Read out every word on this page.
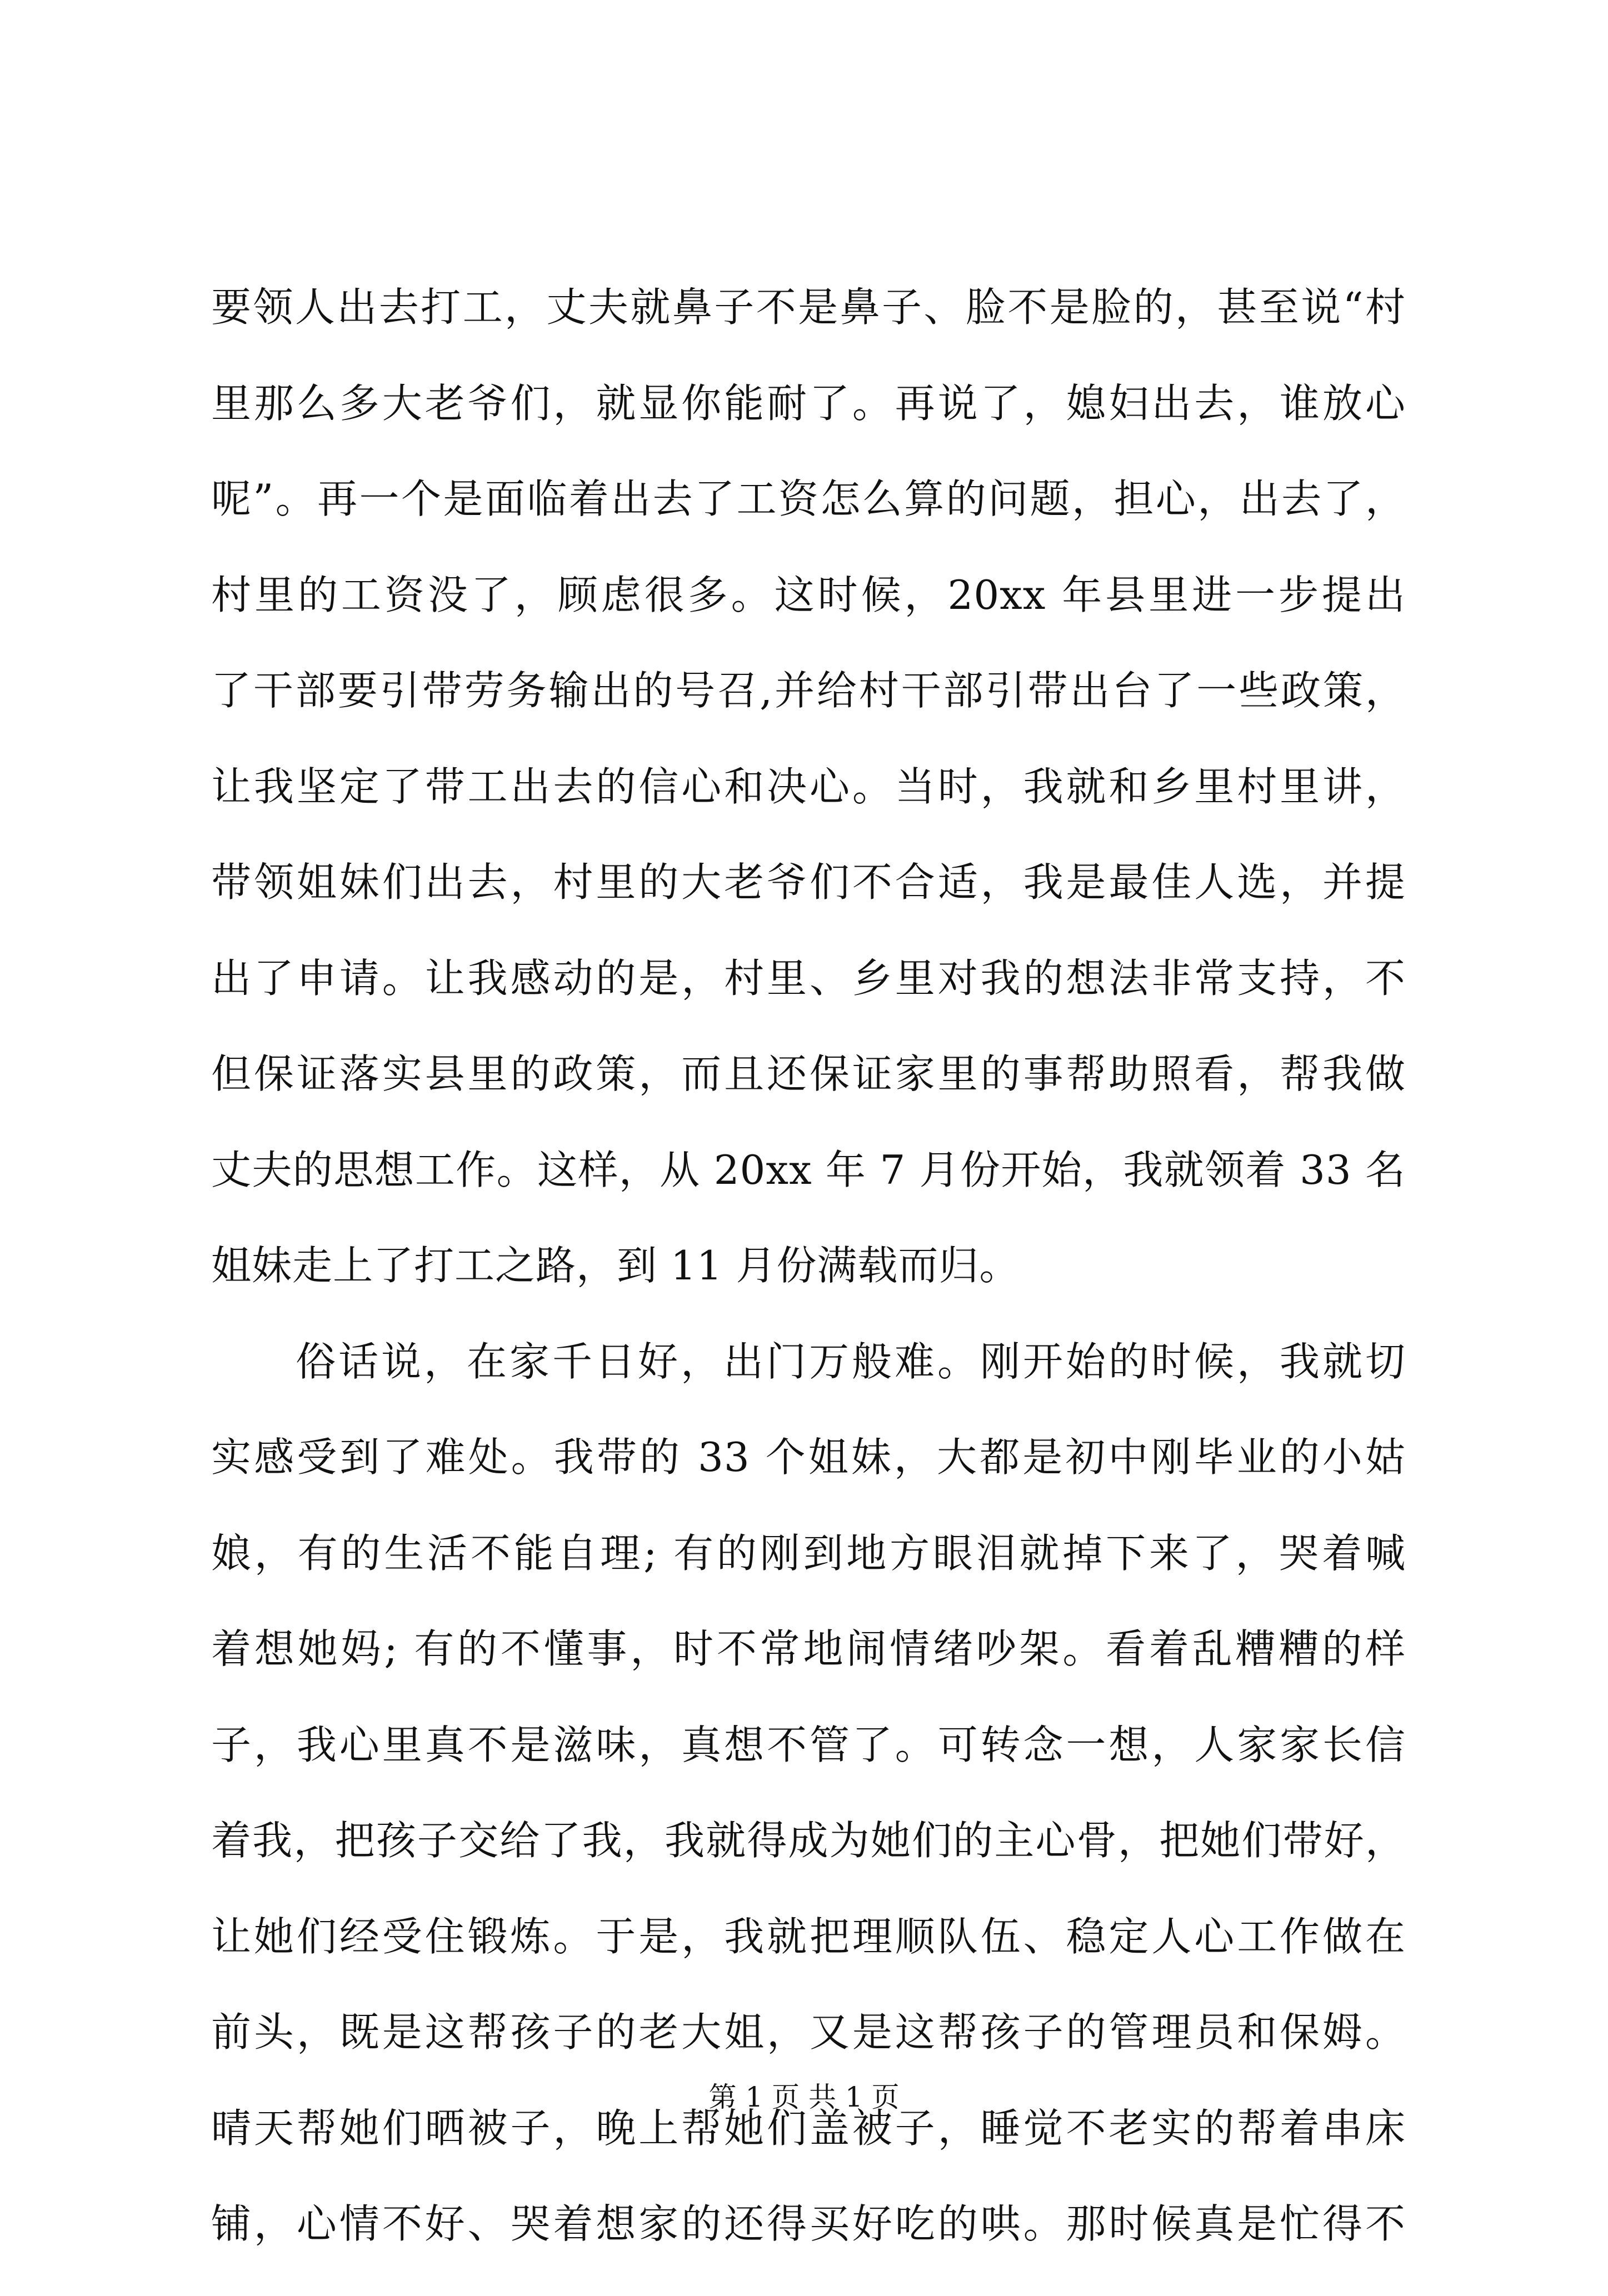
要领人出去打工，丈夫就鼻子不是鼻子、脸不是脸的，甚至说“村
里那么多大老爷们，就显你能耐了。再说了，媳妇出去，谁放心
呢”。再一个是面临着出去了工资怎么算的问题，担心，出去了，
村里的工资没了，顾虑很多。这时候，20xx 年县里进一步提出
了干部要引带劳务输出的号召,并给村干部引带出台了一些政策，
让我坚定了带工出去的信心和决心。当时，我就和乡里村里讲，
带领姐妹们出去，村里的大老爷们不合适，我是最佳人选，并提
出了申请。让我感动的是，村里、乡里对我的想法非常支持，不
但保证落实县里的政策，而且还保证家里的事帮助照看，帮我做
丈夫的思想工作。这样，从 20xx 年 7 月份开始，我就领着 33 名
姐妹走上了打工之路，到 11 月份满载而归。
俗话说，在家千日好，出门万般难。刚开始的时候，我就切
实感受到了难处。我带的 33 个姐妹，大都是初中刚毕业的小姑
娘，有的生活不能自理; 有的刚到地方眼泪就掉下来了，哭着喊
着想她妈; 有的不懂事，时不常地闹情绪吵架。看着乱糟糟的样
子，我心里真不是滋味，真想不管了。可转念一想，人家家长信
着我，把孩子交给了我，我就得成为她们的主心骨，把她们带好，
让她们经受住锻炼。于是，我就把理顺队伍、稳定人心工作做在
前头，既是这帮孩子的老大姐，又是这帮孩子的管理员和保姆。
晴天帮她们晒被子，晚上帮她们盖被子，睡觉不老实的帮着串床
铺，心情不好、哭着想家的还得买好吃的哄。那时候真是忙得不
第 1 页 共 1 页
